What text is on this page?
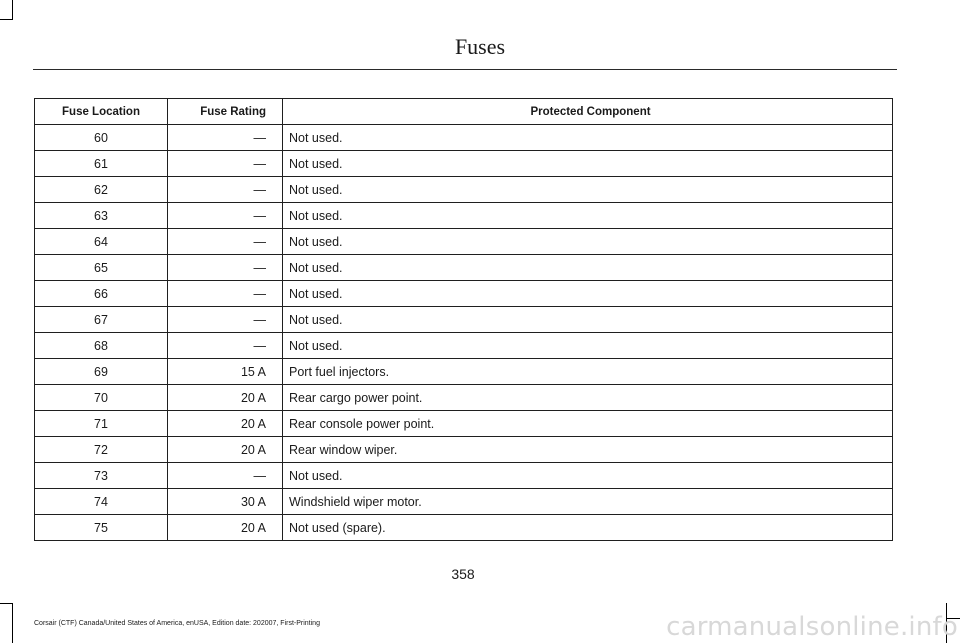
Fuses
Fuse Location	Fuse Rating	Protected Component
60	—	Not used.
61	—	Not used.
62	—	Not used.
63	—	Not used.
64	—	Not used.
65	—	Not used.
66	—	Not used.
67	—	Not used.
68	—	Not used.
69	15 A	Port fuel injectors.
70	20 A	Rear cargo power point.
71	20 A	Rear console power point.
72	20 A	Rear window wiper.
73	—	Not used.
74	30 A	Windshield wiper motor.
75	20 A	Not used (spare).
358
Corsair (CTF) Canada/United States of America, enUSA, Edition date: 202007, First-Printing	carmanualsonline.info
